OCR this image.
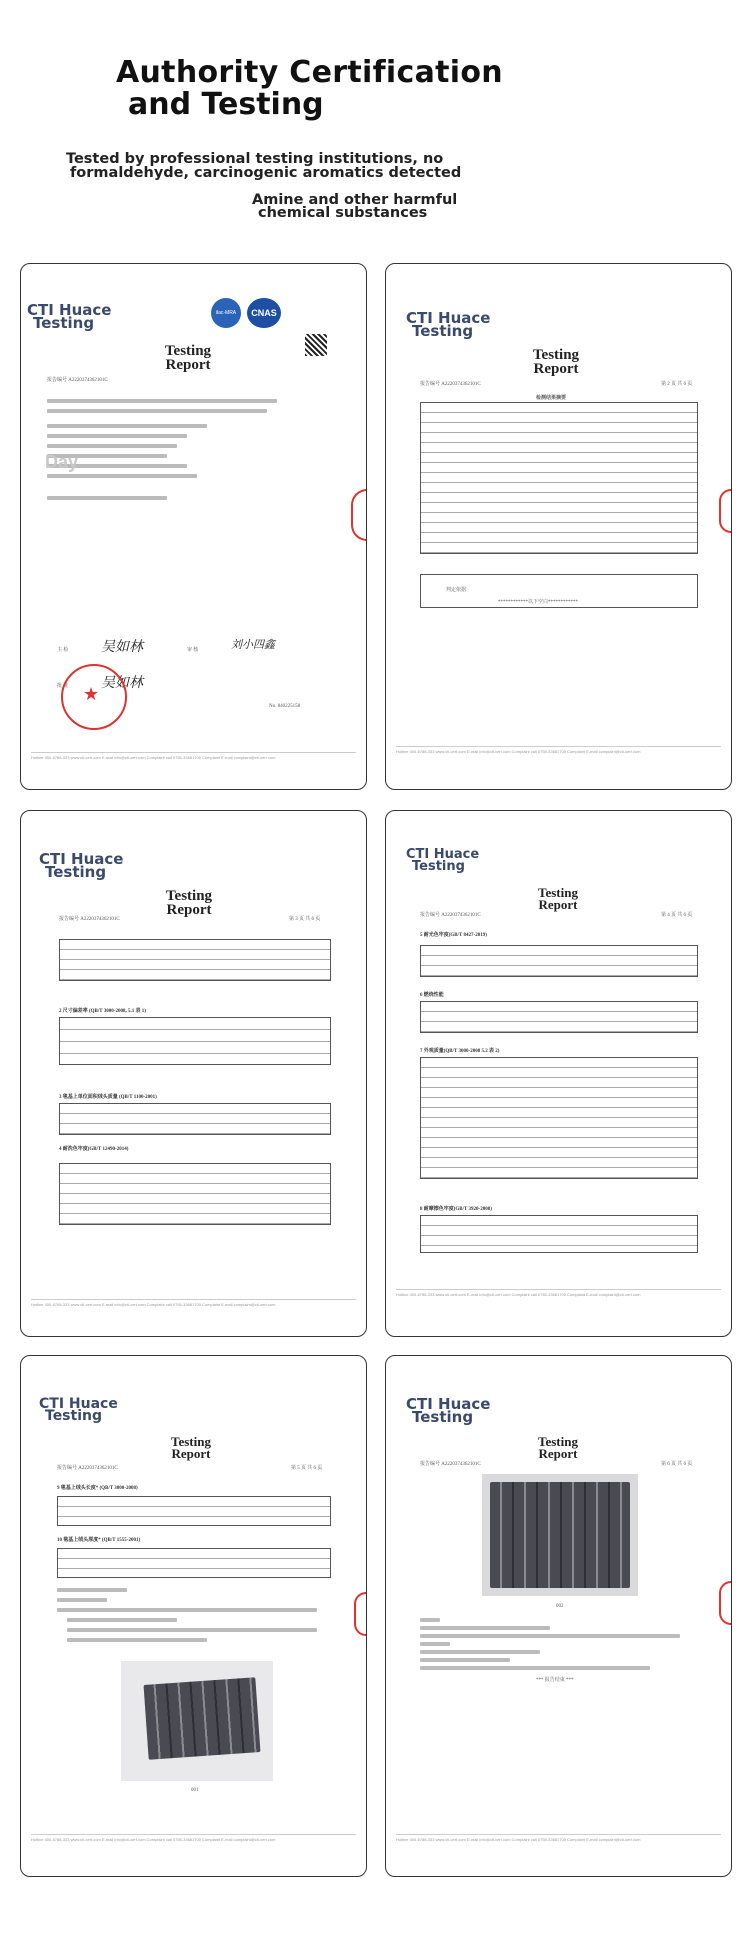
Authority Certification
and Testing
Tested by professional testing institutions, no
formaldehyde, carcinogenic aromatics detected
Amine and other harmful
chemical substances
CTI Huace
Testing
ilac-MRA	CNAS
Testing
Report
报告编号 A2220374362101C
Day
主 检 吴如林	审 核	刘小四鑫
批 准 吴如林
★
No. 840225158
Hotline 400-6788-333 www.cti-cert.com E-mail info@cti-cert.com Complaint call 0755-33681700 Complaint E-mail complaint@cti-cert.com
CTI Huace
Testing
Testing
Report
报告编号 A2220374362101C	第 2 页 共 6 页
检测结果摘要
判定依据
************以下空白************
Hotline 400-6788-333 www.cti-cert.com E-mail info@cti-cert.com Complaint call 0755-33681700 Complaint E-mail complaint@cti-cert.com
CTI Huace
Testing
Testing
Report
报告编号 A2220374362101C	第 3 页 共 6 页
2 尺寸偏差率 (QB/T 3000-2008, 5.1 表 1)
3 毯基上单位面积绒头质量 (QB/T 1100-2001)
4 耐洗色牢度(GB/T 12490-2014)
Hotline 400-6788-333 www.cti-cert.com E-mail info@cti-cert.com Complaint call 0755-33681700 Complaint E-mail complaint@cti-cert.com
CTI Huace
Testing
Testing
Report
报告编号 A2220374362101C	第 4 页 共 6 页
5 耐光色牢度(GB/T 8427-2019)
6 燃烧性能
7 外观质量(QB/T 3000-2008 5.2 表 2)
8 耐摩擦色牢度(GB/T 3920-2008)
Hotline 400-6788-333 www.cti-cert.com E-mail info@cti-cert.com Complaint call 0755-33681700 Complaint E-mail complaint@cti-cert.com
CTI Huace
Testing
Testing
Report
报告编号 A2220374362101C	第 5 页 共 6 页
9 毯基上绒头长度* (QB/T 3000-2008)
10 毯基上绒头厚度* (QB/T 1555-2001)
001
Hotline 400-6788-333 www.cti-cert.com E-mail info@cti-cert.com Complaint call 0755-33681700 Complaint E-mail complaint@cti-cert.com
CTI Huace
Testing
Testing
Report
报告编号 A2220374362101C	第 6 页 共 6 页
002
*** 报告结束 ***
Hotline 400-6788-333 www.cti-cert.com E-mail info@cti-cert.com Complaint call 0755-33681700 Complaint E-mail complaint@cti-cert.com
